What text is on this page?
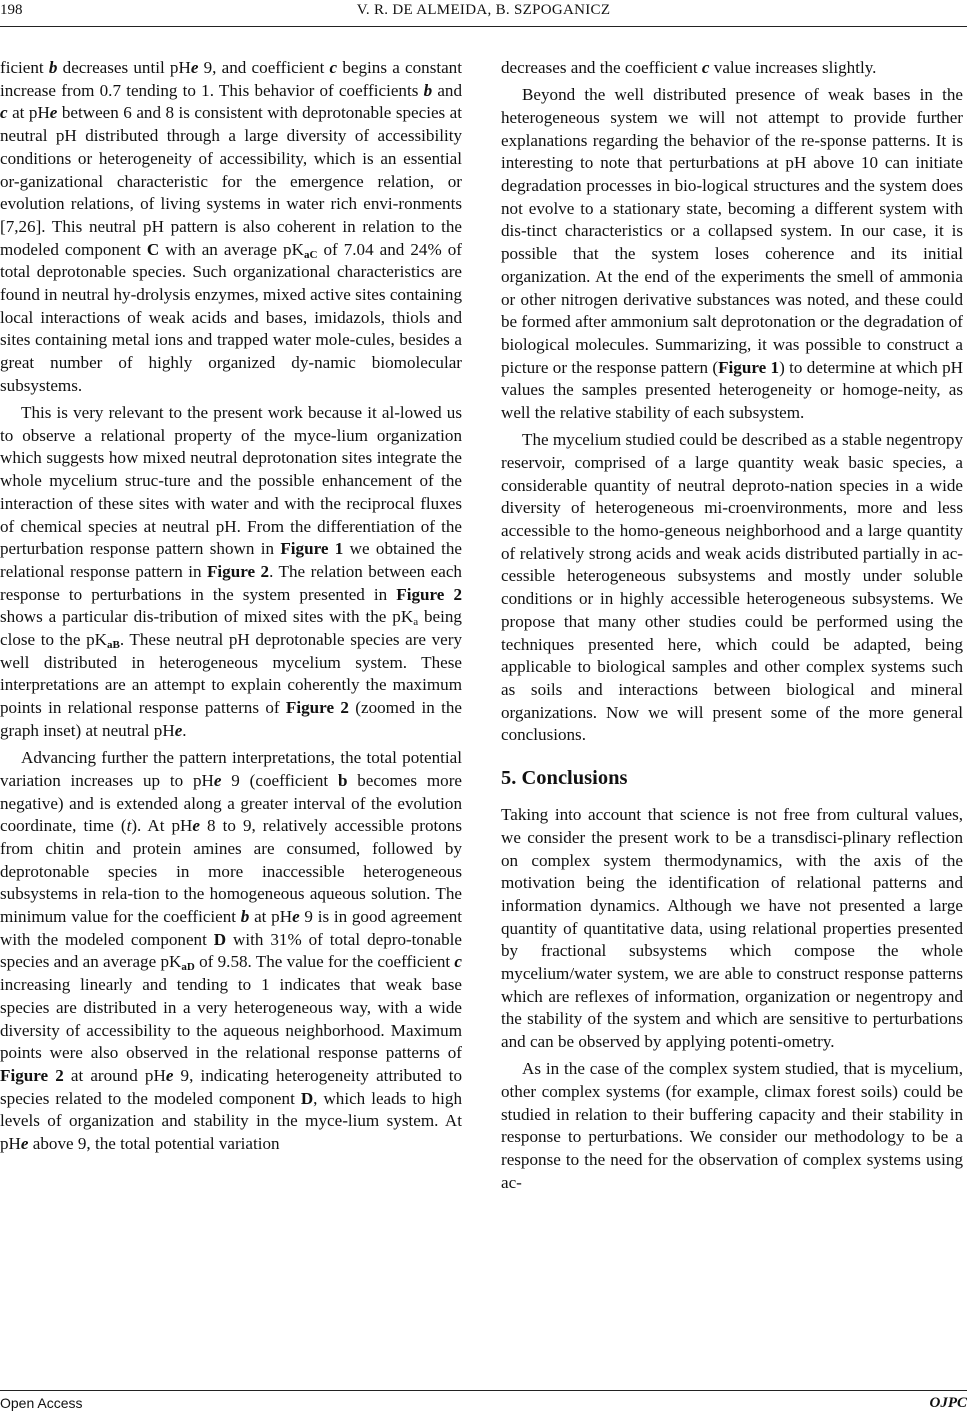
198	V. R. DE ALMEIDA, B. SZPOGANICZ

ficient b decreases until pHe 9, and coefficient c begins a constant increase from 0.7 tending to 1. This behavior of coefficients b and c at pHe between 6 and 8 is consistent with deprotonable species at neutral pH distributed through a large diversity of accessibility conditions or heterogeneity of accessibility, which is an essential or-ganizational characteristic for the emergence relation, or evolution relations, of living systems in water rich envi-ronments [7,26]. This neutral pH pattern is also coherent in relation to the modeled component C with an average $pK_{aC}$ of 7.04 and 24% of total deprotonable species. Such organizational characteristics are found in neutral hy-drolysis enzymes, mixed active sites containing local interactions of weak acids and bases, imidazols, thiols and sites containing metal ions and trapped water mole-cules, besides a great number of highly organized dy-namic biomolecular subsystems.

This is very relevant to the present work because it al-lowed us to observe a relational property of the myce-lium organization which suggests how mixed neutral deprotonation sites integrate the whole mycelium struc-ture and the possible enhancement of the interaction of these sites with water and with the reciprocal fluxes of chemical species at neutral pH. From the differentiation of the perturbation response pattern shown in Figure 1 we obtained the relational response pattern in Figure 2. The relation between each response to perturbations in the system presented in Figure 2 shows a particular dis-tribution of mixed sites with the $pK_a$ being close to the $pK_{aB}$. These neutral pH deprotonable species are very well distributed in heterogeneous mycelium system. These interpretations are an attempt to explain coherently the maximum points in relational response patterns of Figure 2 (zoomed in the graph inset) at neutral pHe.

Advancing further the pattern interpretations, the total potential variation increases up to pHe 9 (coefficient b becomes more negative) and is extended along a greater interval of the evolution coordinate, time (t). At pHe 8 to 9, relatively accessible protons from chitin and protein amines are consumed, followed by deprotonable species in more inaccessible heterogeneous subsystems in rela-tion to the homogeneous aqueous solution. The minimum value for the coefficient b at pHe 9 is in good agreement with the modeled component D with 31% of total depro-tonable species and an average $pK_{aD}$ of 9.58. The value for the coefficient c increasing linearly and tending to 1 indicates that weak base species are distributed in a very heterogeneous way, with a wide diversity of accessibility to the aqueous neighborhood. Maximum points were also observed in the relational response patterns of Figure 2 at around pHe 9, indicating heterogeneity attributed to species related to the modeled component D, which leads to high levels of organization and stability in the myce-lium system. At pHe above 9, the total potential variation

decreases and the coefficient c value increases slightly.

Beyond the well distributed presence of weak bases in the heterogeneous system we will not attempt to provide further explanations regarding the behavior of the re-sponse patterns. It is interesting to note that perturbations at pH above 10 can initiate degradation processes in bio-logical structures and the system does not evolve to a stationary state, becoming a different system with dis-tinct characteristics or a collapsed system. In our case, it is possible that the system loses coherence and its initial organization. At the end of the experiments the smell of ammonia or other nitrogen derivative substances was noted, and these could be formed after ammonium salt deprotonation or the degradation of biological molecules. Summarizing, it was possible to construct a picture or the response pattern (Figure 1) to determine at which pH values the samples presented heterogeneity or homoge-neity, as well the relative stability of each subsystem.

The mycelium studied could be described as a stable negentropy reservoir, comprised of a large quantity weak basic species, a considerable quantity of neutral deproto-nation species in a wide diversity of heterogeneous mi-croenvironments, more and less accessible to the homo-geneous neighborhood and a large quantity of relatively strong acids and weak acids distributed partially in ac-cessible heterogeneous subsystems and mostly under soluble conditions or in highly accessible heterogeneous subsystems. We propose that many other studies could be performed using the techniques presented here, which could be adapted, being applicable to biological samples and other complex systems such as soils and interactions between biological and mineral organizations. Now we will present some of the more general conclusions.

5. Conclusions

Taking into account that science is not free from cultural values, we consider the present work to be a transdisci-plinary reflection on complex system thermodynamics, with the axis of the motivation being the identification of relational patterns and information dynamics. Although we have not presented a large quantity of quantitative data, using relational properties presented by fractional subsystems which compose the whole mycelium/water system, we are able to construct response patterns which are reflexes of information, organization or negentropy and the stability of the system and which are sensitive to perturbations and can be observed by applying potenti-ometry.

As in the case of the complex system studied, that is mycelium, other complex systems (for example, climax forest soils) could be studied in relation to their buffering capacity and their stability in response to perturbations. We consider our methodology to be a response to the need for the observation of complex systems using ac-

Open Access	OJPC
